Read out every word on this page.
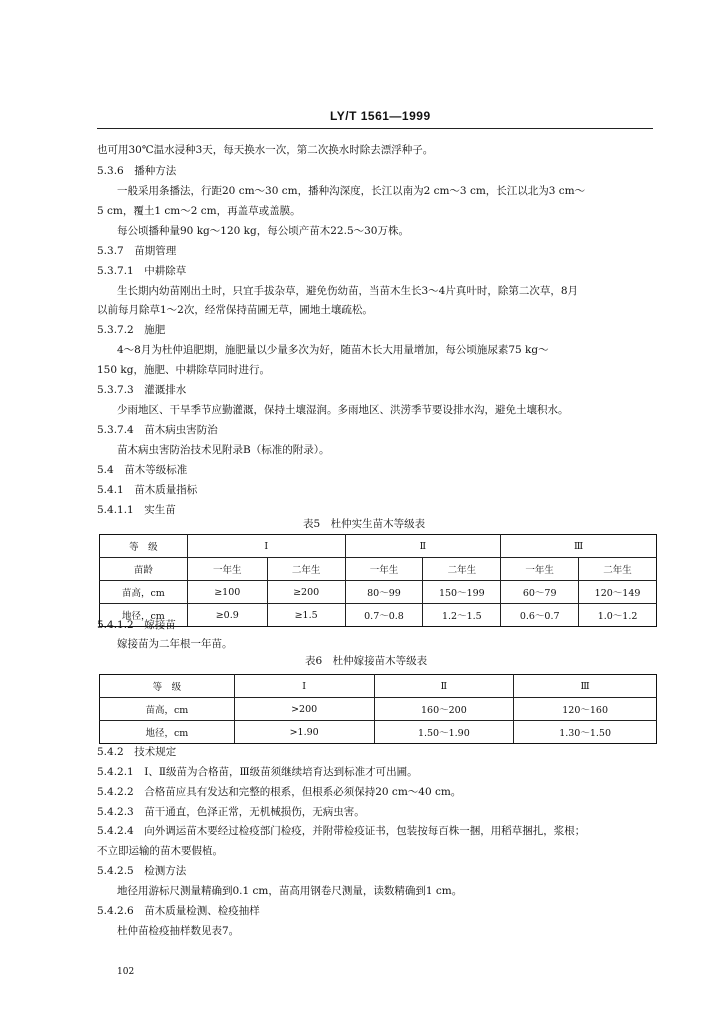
LY/T 1561—1999
也可用30℃温水浸种3天，每天换水一次，第二次换水时除去漂浮种子。
5.3.6　播种方法
一般采用条播法，行距20 cm～30 cm，播种沟深度，长江以南为2 cm～3 cm，长江以北为3 cm～
5 cm，覆土1 cm～2 cm，再盖草或盖膜。
每公顷播种量90 kg～120 kg，每公顷产苗木22.5～30万株。
5.3.7　苗期管理
5.3.7.1　中耕除草
生长期内幼苗刚出土时，只宜手拔杂草，避免伤幼苗，当苗木生长3～4片真叶时，除第二次草，8月
以前每月除草1～2次，经常保持苗圃无草，圃地土壤疏松。
5.3.7.2　施肥
4～8月为杜仲追肥期，施肥量以少量多次为好，随苗木长大用量增加，每公顷施尿素75 kg～
150 kg，施肥、中耕除草同时进行。
5.3.7.3　灌溉排水
少雨地区、干旱季节应勤灌溉，保持土壤湿润。多雨地区、洪涝季节要设排水沟，避免土壤积水。
5.3.7.4　苗木病虫害防治
苗木病虫害防治技术见附录B（标准的附录）。
5.4　苗木等级标准
5.4.1　苗木质量指标
5.4.1.1　实生苗
表5　杜仲实生苗木等级表
等　级	Ⅰ		Ⅱ		Ⅲ	
苗龄	一年生	二年生	一年生	二年生	一年生	二年生
苗高，cm	≥100	≥200	80～99	150～199	60～79	120～149
地径，cm	≥0.9	≥1.5	0.7～0.8	1.2～1.5	0.6～0.7	1.0～1.2
5.4.1.2　嫁接苗
嫁接苗为二年根一年苗。
表6　杜仲嫁接苗木等级表
等　级	Ⅰ	Ⅱ	Ⅲ
苗高，cm	>200	160～200	120～160
地径，cm	>1.90	1.50～1.90	1.30～1.50
5.4.2　技术规定
5.4.2.1　Ⅰ、Ⅱ级苗为合格苗，Ⅲ级苗须继续培育达到标准才可出圃。
5.4.2.2　合格苗应具有发达和完整的根系，但根系必须保持20 cm～40 cm。
5.4.2.3　苗干通直，色泽正常，无机械损伤，无病虫害。
5.4.2.4　向外调运苗木要经过检疫部门检疫，并附带检疫证书，包装按每百株一捆，用稻草捆扎，浆根；
不立即运输的苗木要假植。
5.4.2.5　检测方法
地径用游标尺测量精确到0.1 cm，苗高用钢卷尺测量，读数精确到1 cm。
5.4.2.6　苗木质量检测、检疫抽样
杜仲苗检疫抽样数见表7。
102
